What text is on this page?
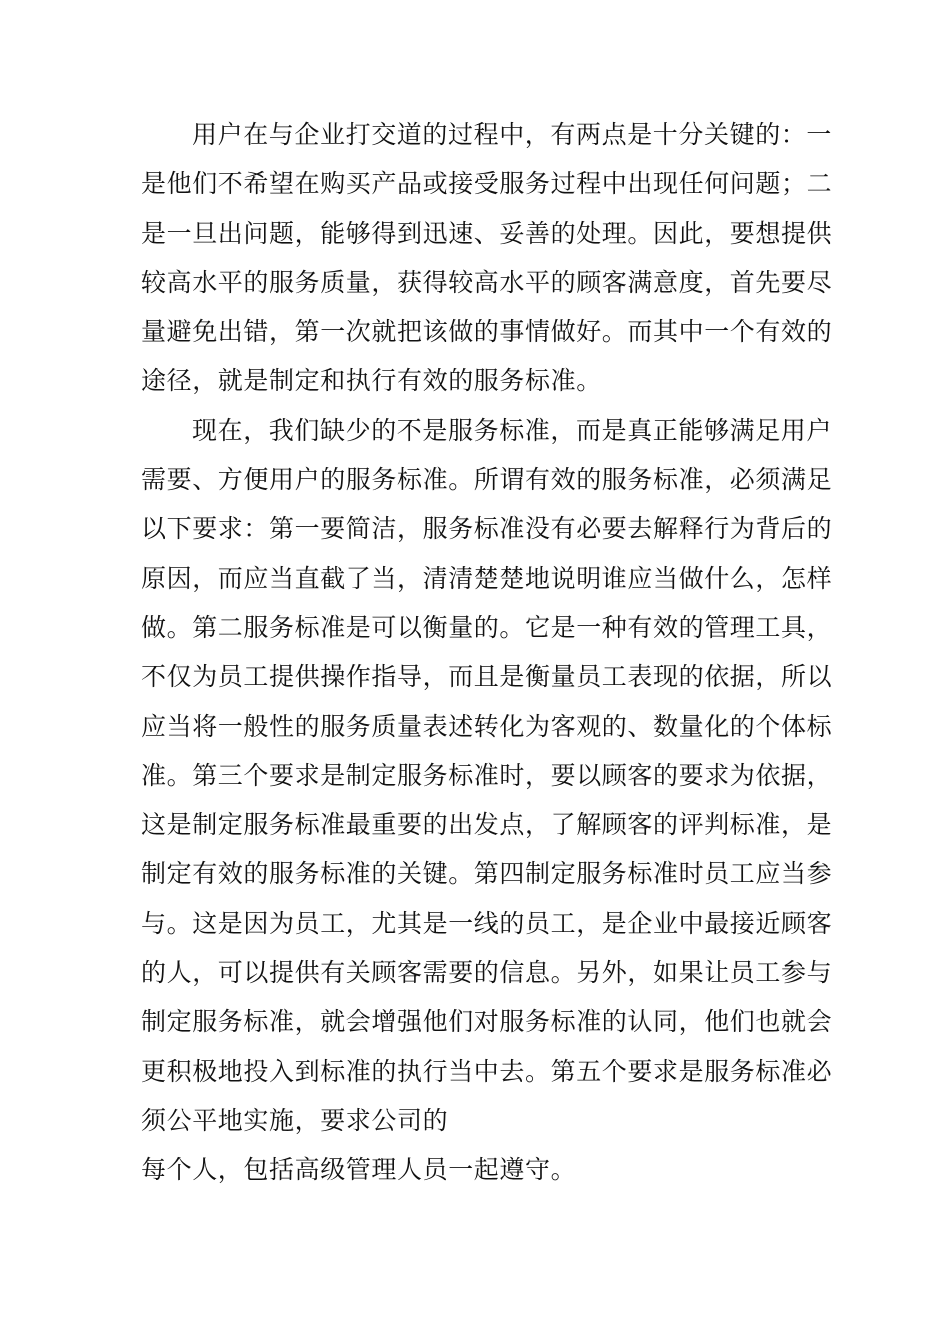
用户在与企业打交道的过程中，有两点是十分关键的：一
是他们不希望在购买产品或接受服务过程中出现任何问题；二
是一旦出问题，能够得到迅速、妥善的处理。因此，要想提供
较高水平的服务质量，获得较高水平的顾客满意度，首先要尽
量避免出错，第一次就把该做的事情做好。而其中一个有效的
途径，就是制定和执行有效的服务标准。
现在，我们缺少的不是服务标准，而是真正能够满足用户
需要、方便用户的服务标准。所谓有效的服务标准，必须满足
以下要求：第一要简洁，服务标准没有必要去解释行为背后的
原因，而应当直截了当，清清楚楚地说明谁应当做什么，怎样
做。第二服务标准是可以衡量的。它是一种有效的管理工具，
不仅为员工提供操作指导，而且是衡量员工表现的依据，所以
应当将一般性的服务质量表述转化为客观的、数量化的个体标
准。第三个要求是制定服务标准时，要以顾客的要求为依据，
这是制定服务标准最重要的出发点，了解顾客的评判标准，是
制定有效的服务标准的关键。第四制定服务标准时员工应当参
与。这是因为员工，尤其是一线的员工，是企业中最接近顾客
的人，可以提供有关顾客需要的信息。另外，如果让员工参与
制定服务标准，就会增强他们对服务标准的认同，他们也就会
更积极地投入到标准的执行当中去。第五个要求是服务标准必
须公平地实施，要求公司的
每个人，包括高级管理人员一起遵守。
